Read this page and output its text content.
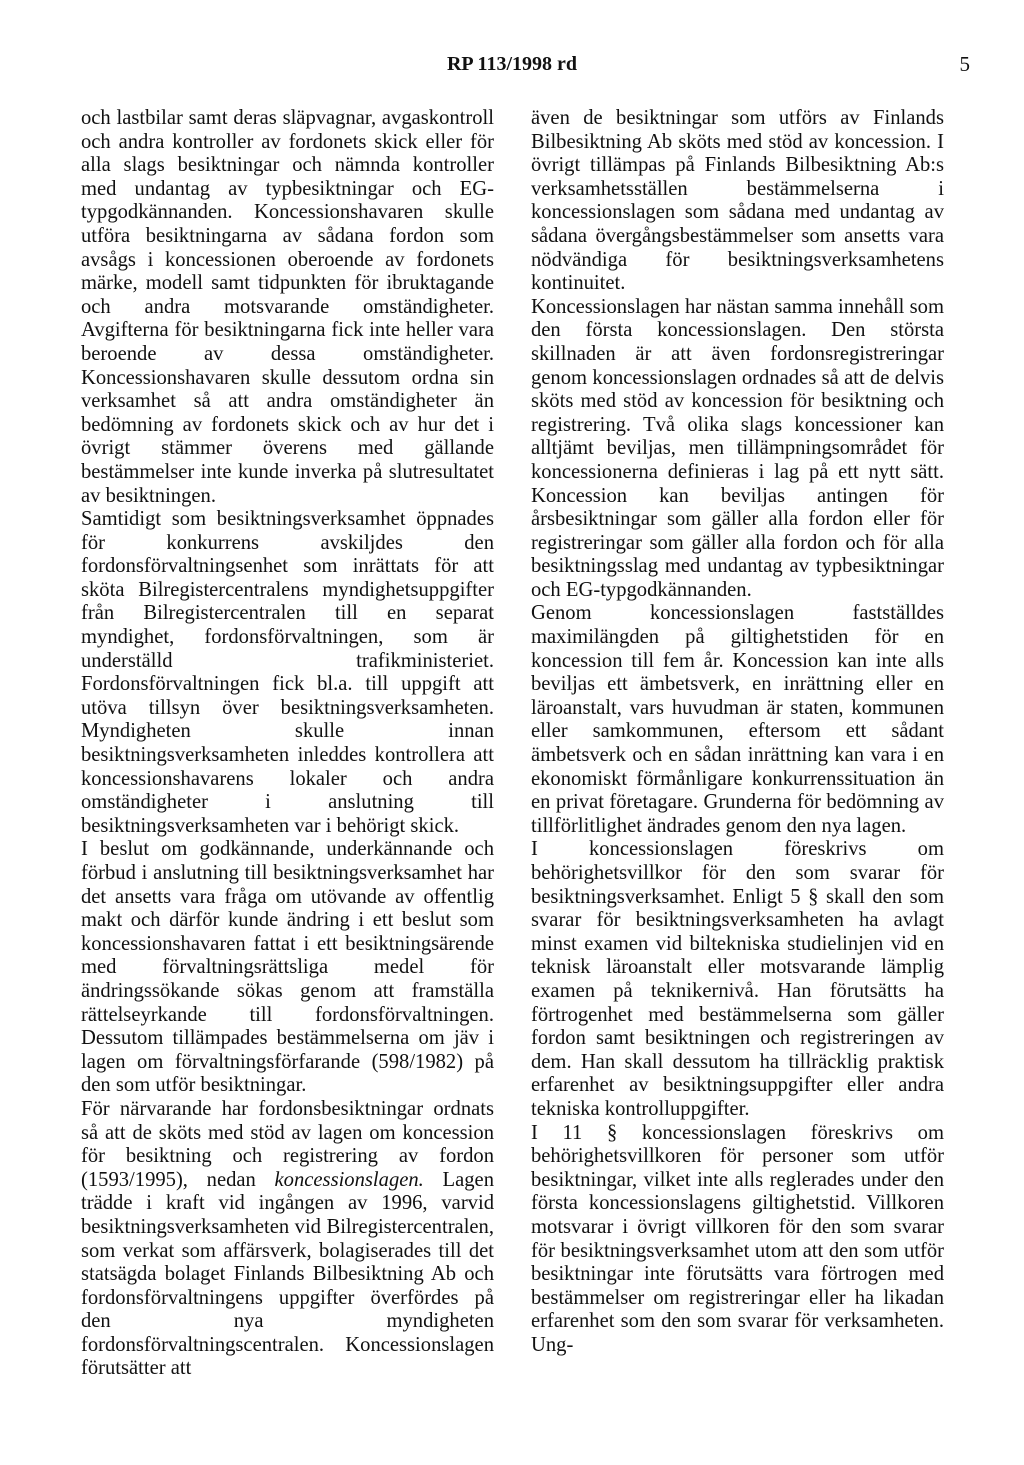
RP 113/1998 rd	5

och lastbilar samt deras släpvagnar, avgaskontroll och andra kontroller av fordonets skick eller för alla slags besiktningar och nämnda kontroller med undantag av typbesiktningar och EG-typgodkännanden. Koncessionshavaren skulle utföra besiktningarna av sådana fordon som avsågs i koncessionen oberoende av fordonets märke, modell samt tidpunkten för ibruktagande och andra motsvarande omständigheter. Avgifterna för besiktningarna fick inte heller vara beroende av dessa omständigheter. Koncessionshavaren skulle dessutom ordna sin verksamhet så att andra omständigheter än bedömning av fordonets skick och av hur det i övrigt stämmer överens med gällande bestämmelser inte kunde inverka på slutresultatet av besiktningen.

Samtidigt som besiktningsverksamhet öppnades för konkurrens avskiljdes den fordonsförvaltningsenhet som inrättats för att sköta Bilregistercentralens myndighetsuppgifter från Bilregistercentralen till en separat myndighet, fordonsförvaltningen, som är underställd trafikministeriet. Fordonsförvaltningen fick bl.a. till uppgift att utöva tillsyn över besiktningsverksamheten. Myndigheten skulle innan besiktningsverksamheten inleddes kontrollera att koncessionshavarens lokaler och andra omständigheter i anslutning till besiktningsverksamheten var i behörigt skick.

I beslut om godkännande, underkännande och förbud i anslutning till besiktningsverksamhet har det ansetts vara fråga om utövande av offentlig makt och därför kunde ändring i ett beslut som koncessionshavaren fattat i ett besiktningsärende med förvaltningsrättsliga medel för ändringssökande sökas genom att framställa rättelseyrkande till fordonsförvaltningen. Dessutom tillämpades bestämmelserna om jäv i lagen om förvaltningsförfarande (598/1982) på den som utför besiktningar.

För närvarande har fordonsbesiktningar ordnats så att de sköts med stöd av lagen om koncession för besiktning och registrering av fordon (1593/1995), nedan koncessionslagen. Lagen trädde i kraft vid ingången av 1996, varvid besiktningsverksamheten vid Bilregistercentralen, som verkat som affärsverk, bolagiserades till det statsägda bolaget Finlands Bilbesiktning Ab och fordonsförvaltningens uppgifter överfördes på den nya myndigheten fordonsförvaltningscentralen. Koncessionslagen förutsätter att

även de besiktningar som utförs av Finlands Bilbesiktning Ab sköts med stöd av koncession. I övrigt tillämpas på Finlands Bilbesiktning Ab:s verksamhetsställen bestämmelserna i koncessionslagen som sådana med undantag av sådana övergångsbestämmelser som ansetts vara nödvändiga för besiktningsverksamhetens kontinuitet.

Koncessionslagen har nästan samma innehåll som den första koncessionslagen. Den största skillnaden är att även fordonsregistreringar genom koncessionslagen ordnades så att de delvis sköts med stöd av koncession för besiktning och registrering. Två olika slags koncessioner kan alltjämt beviljas, men tillämpningsområdet för koncessionerna definieras i lag på ett nytt sätt. Koncession kan beviljas antingen för årsbesiktningar som gäller alla fordon eller för registreringar som gäller alla fordon och för alla besiktningsslag med undantag av typbesiktningar och EG-typgodkännanden.

Genom koncessionslagen fastställdes maximilängden på giltighetstiden för en koncession till fem år. Koncession kan inte alls beviljas ett ämbetsverk, en inrättning eller en läroanstalt, vars huvudman är staten, kommunen eller samkommunen, eftersom ett sådant ämbetsverk och en sådan inrättning kan vara i en ekonomiskt förmånligare konkurrenssituation än en privat företagare. Grunderna för bedömning av tillförlitlighet ändrades genom den nya lagen.

I koncessionslagen föreskrivs om behörighetsvillkor för den som svarar för besiktningsverksamhet. Enligt 5 § skall den som svarar för besiktningsverksamheten ha avlagt minst examen vid biltekniska studielinjen vid en teknisk läroanstalt eller motsvarande lämplig examen på teknikernivå. Han förutsätts ha förtrogenhet med bestämmelserna som gäller fordon samt besiktningen och registreringen av dem. Han skall dessutom ha tillräcklig praktisk erfarenhet av besiktningsuppgifter eller andra tekniska kontrolluppgifter.

I 11 § koncessionslagen föreskrivs om behörighetsvillkoren för personer som utför besiktningar, vilket inte alls reglerades under den första koncessionslagens giltighetstid. Villkoren motsvarar i övrigt villkoren för den som svarar för besiktningsverksamhet utom att den som utför besiktningar inte förutsätts vara förtrogen med bestämmelser om registreringar eller ha likadan erfarenhet som den som svarar för verksamheten. Ung-
